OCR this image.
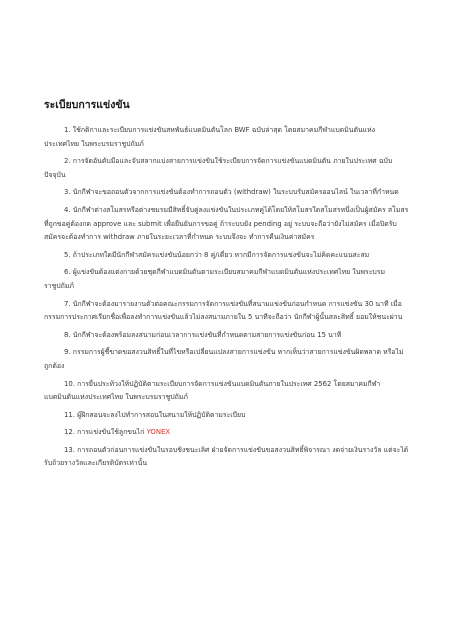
ระเบียบการแข่งขัน

1. ใช้กติกาและระเบียบการแข่งขันสหพันธ์แบดมินตันโลก BWF ฉบับล่าสุด โดยสมาคมกีฬาแบดมินตันแห่งประเทศไทย ในพระบรมราชูปถัมภ์

2. การจัดอันดับมือและจับสลากแบ่งสายการแข่งขันใช้ระเบียบการจัดการแข่งขันแบดมินตัน ภายในประเทศ ฉบับปัจจุบัน

3. นักกีฬาจะขอถอนตัวจากการแข่งขันต้องทำการถอนตัว (withdraw) ในระบบรับสมัครออนไลน์ ในเวลาที่กำหนด

4. นักกีฬาต่างสโมสรหรือต่างชมรมมีสิทธิ์จับคู่ลงแข่งขันในประเภทคู่ได้โดยให้สโมสรใดสโมสรหนึ่งเป็นผู้สมัคร สโมสรที่ถูกขอคู่ต้องกด approve และ submit เพื่อยืนยันการขอคู่ ถ้าระบบยัง pending อยู่ ระบบจะถือว่ายังไม่สมัคร เมื่อปิดรับสมัครจะต้องทำการ withdraw ภายในระยะเวลาที่กำหนด ระบบจึงจะ ทำการคืนเงินค่าสมัคร

5. ถ้าประเภทใดมีนักกีฬาสมัครแข่งขันน้อยกว่า 8 คู่/เดี่ยว หากมีการจัดการแข่งขันจะไม่คิดคะแนนสะสม

6. ผู้แข่งขันต้องแต่งกายด้วยชุดกีฬาแบดมินตันตามระเบียบสมาคมกีฬาแบดมินตันแห่งประเทศไทย ในพระบรมราชูปถัมภ์

7. นักกีฬาจะต้องมารายงานตัวต่อคณะกรรมการจัดการแข่งขันที่สนามแข่งขันก่อนกำหนด การแข่งขัน 30 นาที เมื่อกรรมการประกาศเรียกชื่อเพื่อลงทำการแข่งขันแล้วไม่ลงสนามภายใน 5 นาทีจะถือว่า นักกีฬาผู้นั้นสละสิทธิ์ ยอมให้ชนะผ่าน

8. นักกีฬาจะต้องพร้อมลงสนามก่อนเวลาการแข่งขันที่กำหนดตามสายการแข่งขันก่อน 15 นาที

9. กรรมการผู้ชี้ขาดขอสงวนสิทธิ์ในที่ไขหรือเปลี่ยนแปลงสายการแข่งขัน หากเห็นว่าสายการแข่งขันผิดพลาด หรือไม่ถูกต้อง

10. การยื่นประท้วงให้ปฏิบัติตามระเบียบการจัดการแข่งขันแบดมินตันภายในประเทศ 2562 โดยสมาคมกีฬาแบดมินตันแห่งประเทศไทย ในพระบรมราชูปถัมภ์

11. ผู้ฝึกสอนจะลงไปทำการสอนในสนามให้ปฏิบัติตามระเบียบ

12. การแข่งขันใช้ลูกขนไก่ YONEX

13. การถอนตัวก่อนการแข่งขันในรอบชิงชนะเลิศ ฝ่ายจัดการแข่งขันขอสงวนสิทธิ์พิจารณา งดจ่ายเงินรางวัล แต่จะได้รับถ้วยรางวัลและเกียรติบัตรเท่านั้น
